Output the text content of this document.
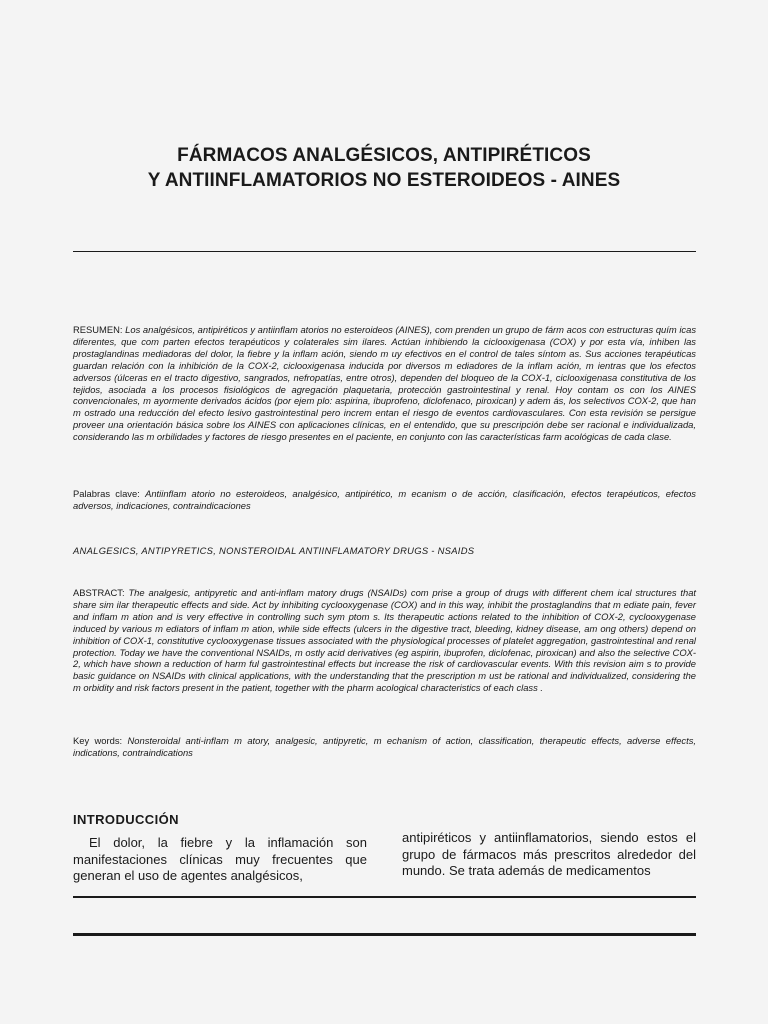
FÁRMACOS ANALGÉSICOS, ANTIPIRÉTICOS
Y ANTIINFLAMATORIOS NO ESTEROIDEOS - AINES
RESUMEN: Los analgésicos, antipiréticos y antiinflam atorios no esteroideos (AINES), com prenden un grupo de fárm acos con estructuras quím icas diferentes, que com parten efectos terapéuticos y colaterales sim ilares. Actúan inhibiendo la ciclooxigenasa (COX) y por esta vía, inhiben las prostaglandinas mediadoras del dolor, la fiebre y la inflam ación, siendo m uy efectivos en el control de tales síntom as. Sus acciones terapéuticas guardan relación con la inhibición de la COX-2, ciclooxigenasa inducida por diversos m ediadores de la inflam ación, m ientras que los efectos adversos (úlceras en el tracto digestivo, sangrados, nefropatías, entre otros), dependen del bloqueo de la COX-1, ciclooxigenasa constitutiva de los tejidos, asociada a los procesos fisiológicos de agregación plaquetaria, protección gastrointestinal y renal. Hoy contam os con los AINES convencionales, m ayormente derivados ácidos (por ejem plo: aspirina, ibuprofeno, diclofenaco, piroxican) y adem ás, los selectivos COX-2, que han m ostrado una reducción del efecto lesivo gastrointestinal pero increm entan el riesgo de eventos cardiovasculares. Con esta revisión se persigue proveer una orientación básica sobre los AINES con aplicaciones clínicas, en el entendido, que su prescripción debe ser racional e individualizada, considerando las m orbilidades y factores de riesgo presentes en el paciente, en conjunto con las características farm acológicas de cada clase.
Palabras clave: Antiinflam atorio no esteroideos, analgésico, antipirético, m ecanism o de acción, clasificación, efectos terapéuticos, efectos adversos, indicaciones, contraindicaciones
ANALGESICS, ANTIPYRETICS, NONSTEROIDAL ANTIINFLAMATORY DRUGS - NSAIDS
ABSTRACT: The analgesic, antipyretic and anti-inflam matory drugs (NSAIDs) com prise a group of drugs with different chem ical structures that share sim ilar therapeutic effects and side. Act by inhibiting cyclooxygenase (COX) and in this way, inhibit the prostaglandins that m ediate pain, fever and inflam m ation and is very effective in controlling such sym ptom s. Its therapeutic actions related to the inhibition of COX-2, cyclooxygenase induced by various m ediators of inflam m ation, while side effects (ulcers in the digestive tract, bleeding, kidney disease, am ong others) depend on inhibition of COX-1, constitutive cyclooxygenase tissues associated with the physiological processes of platelet aggregation, gastrointestinal and renal protection. Today we have the conventional NSAIDs, m ostly acid derivatives (eg aspirin, ibuprofen, diclofenac, piroxican) and also the selective COX-2, which have shown a reduction of harm ful gastrointestinal effects but increase the risk of cardiovascular events. With this revision aim s to provide basic guidance on NSAIDs with clinical applications, with the understanding that the prescription m ust be rational and individualized, considering the m orbidity and risk factors present in the patient, together with the pharm acological characteristics of each class .
Key words: Nonsteroidal anti-inflam m atory, analgesic, antipyretic, m echanism of action, classification, therapeutic effects, adverse effects, indications, contraindications
INTRODUCCIÓN
El dolor, la fiebre y la inflamación son manifestaciones clínicas muy frecuentes que generan el uso de agentes analgésicos,
antipiréticos y antiinflamatorios, siendo estos el grupo de fármacos más prescritos alrededor del mundo. Se trata además de medicamentos
